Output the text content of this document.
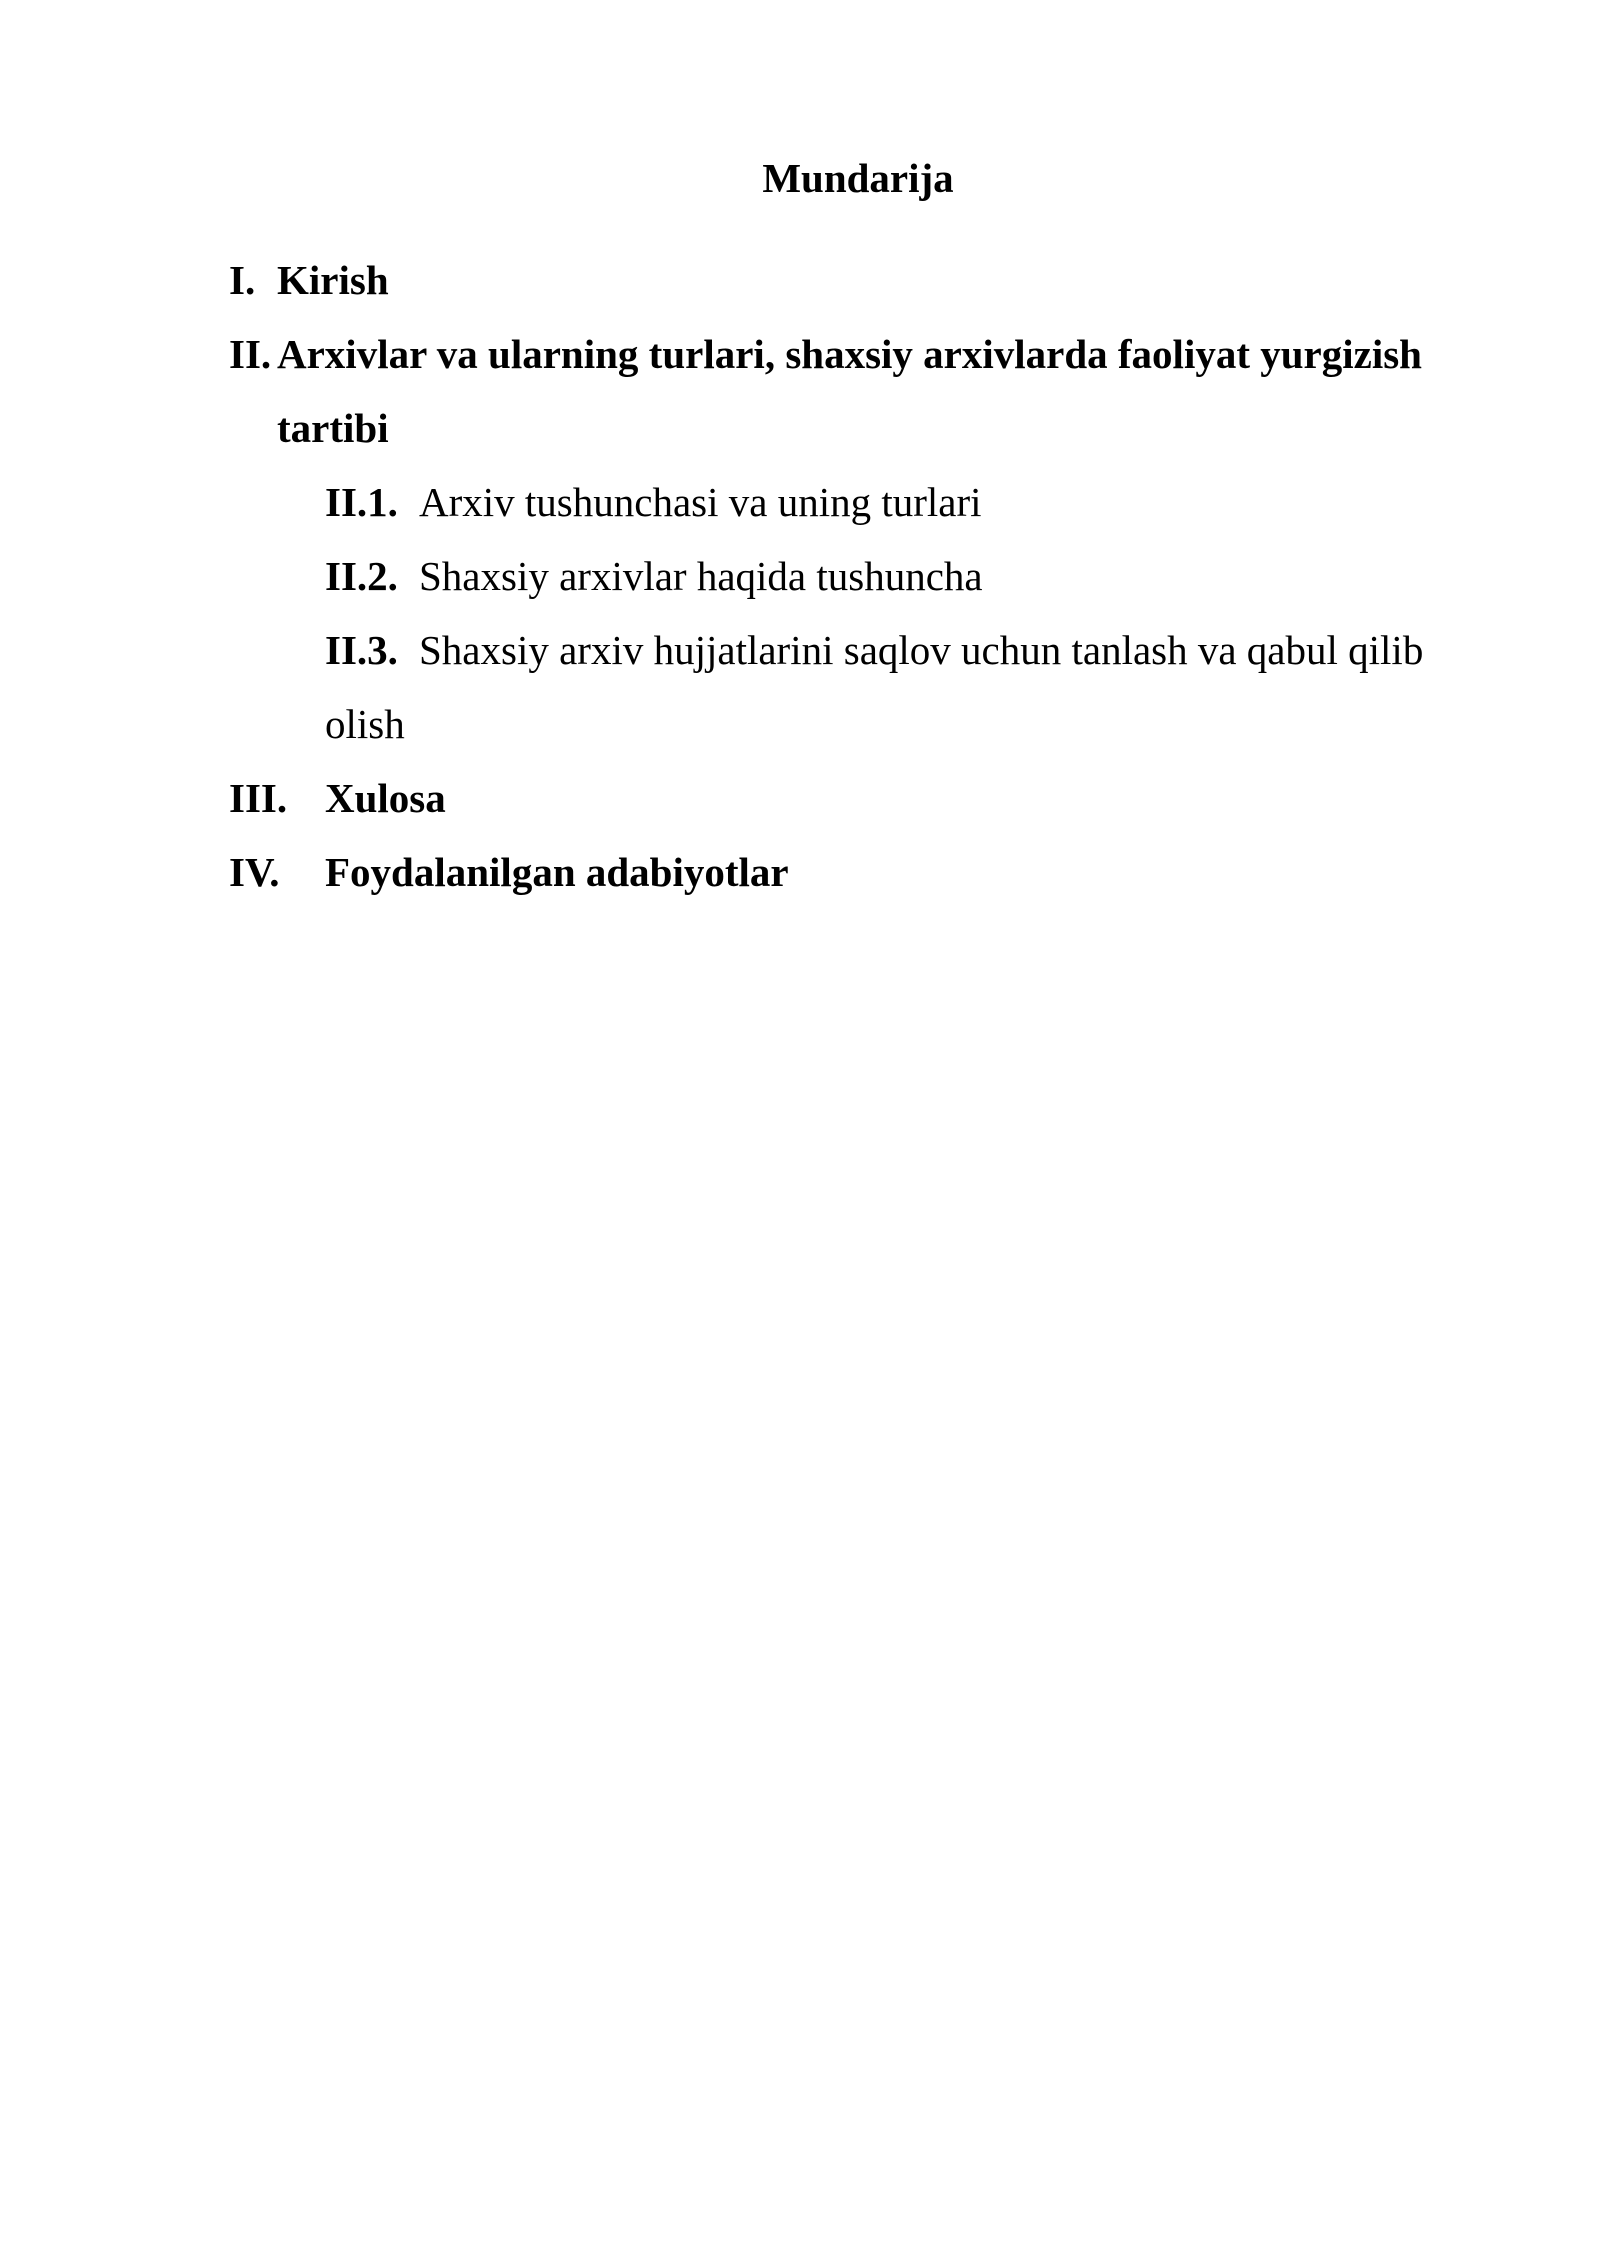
Mundarija
I. Kirish
II. Arxivlar va ularning turlari, shaxsiy arxivlarda faoliyat yurgizish
tartibi
II.1. Arxiv tushunchasi va uning turlari
II.2. Shaxsiy arxivlar haqida tushuncha
II.3. Shaxsiy arxiv hujjatlarini saqlov uchun tanlash va qabul qilib
olish
III. Xulosa
IV. Foydalanilgan adabiyotlar
